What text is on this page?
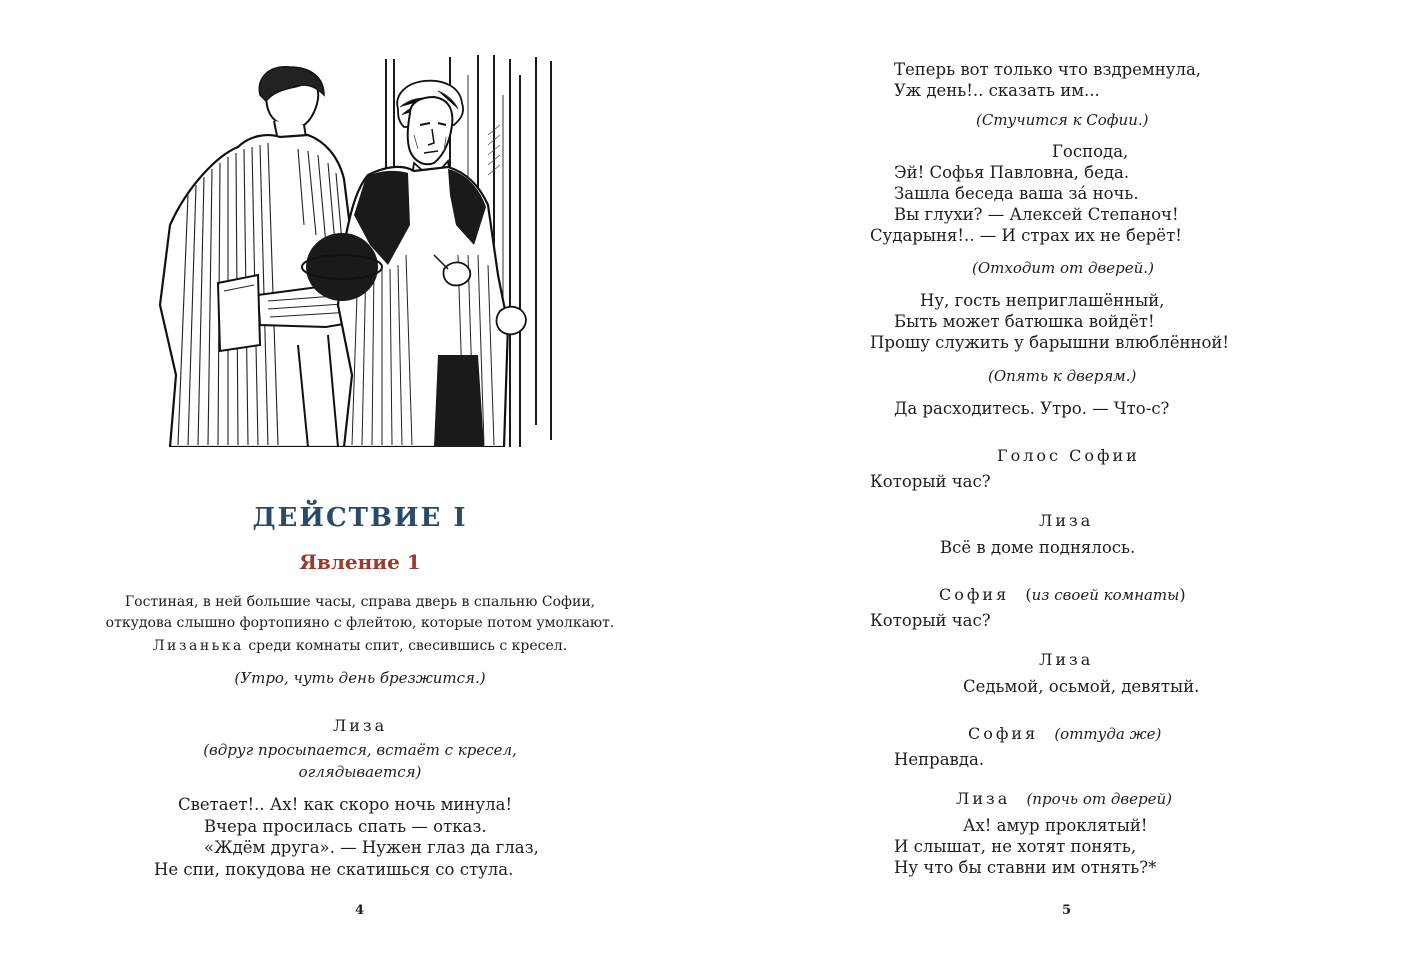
ДЕЙСТВИЕ I
Явление 1
Гостиная, в ней большие часы, справа дверь в спальню Софии,
откудова слышно фортопияно с флейтою, которые потом умолкают.
Лизанька среди комнаты спит, свесившись с кресел.
(Утро, чуть день брезжится.)
Лиза
(вдруг просыпается, встаёт с кресел,
оглядывается)
Светает!.. Ах! как скоро ночь минула!
Вчера просилась спать — отказ.
«Ждём друга». — Нужен глаз да глаз,
Не спи, покудова не скатишься со стула.
4
Теперь вот только что вздремнула,
Уж день!.. сказать им...
(Стучится к Софии.)
Господа,
Эй! Софья Павловна, беда.
Зашла беседа ваша за́ ночь.
Вы глухи? — Алексей Степаноч!
Сударыня!.. — И страх их не берёт!
(Отходит от дверей.)
Ну, гость неприглашённый,
Быть может батюшка войдёт!
Прошу служить у барышни влюблённой!
(Опять к дверям.)
Да расходитесь. Утро. — Что-с?
Голос Софии
Который час?
Лиза
Всё в доме поднялось.
София (из своей комнаты)
Который час?
Лиза
Седьмой, осьмой, девятый.
София (оттуда же)
Неправда.
Лиза (прочь от дверей)
Ах! амур проклятый!
И слышат, не хотят понять,
Ну что бы ставни им отнять?*
5
